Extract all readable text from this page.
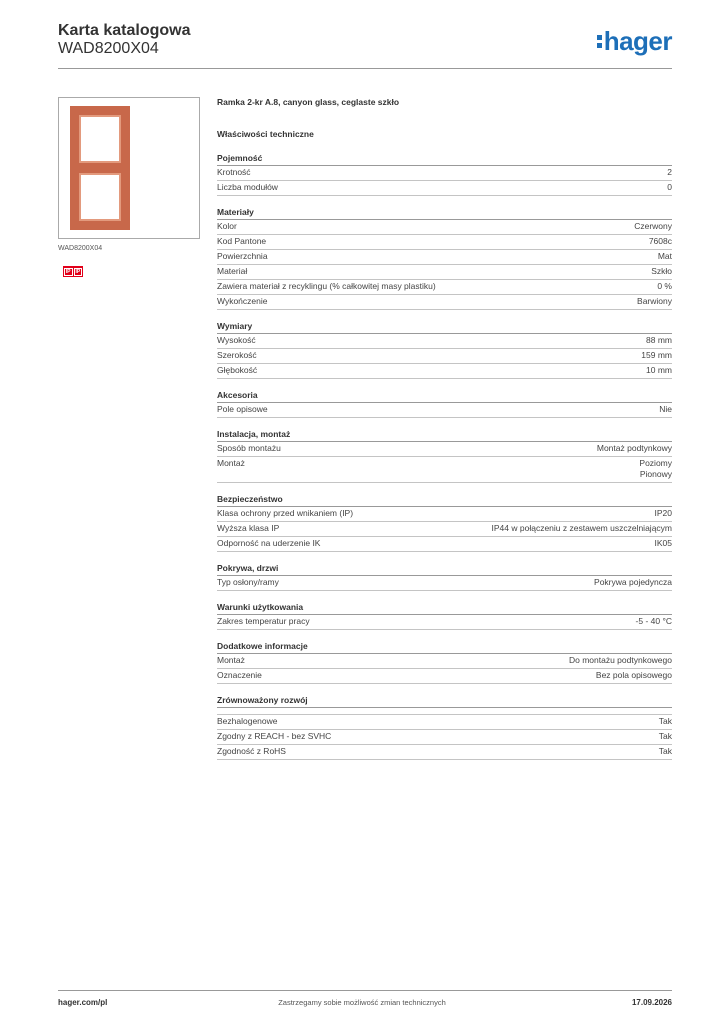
Karta katalogowa
WAD8200X04	hager
WAD8200X04
IP	IP
Ramka 2-kr A.8, canyon glass, ceglaste szkło
Właściwości techniczne
Pojemność
Krotność	2
Liczba modułów	0
Materiały
Kolor	Czerwony
Kod Pantone	7608c
Powierzchnia	Mat
Materiał	Szkło
Zawiera materiał z recyklingu (% całkowitej masy plastiku)	0 %
Wykończenie	Barwiony
Wymiary
Wysokość	88 mm
Szerokość	159 mm
Głębokość	10 mm
Akcesoria
Pole opisowe	Nie
Instalacja, montaż
Sposób montażu	Montaż podtynkowy
Montaż	Poziomy
Pionowy
Bezpieczeństwo
Klasa ochrony przed wnikaniem (IP)	IP20
Wyższa klasa IP	IP44 w połączeniu z zestawem uszczelniającym
Odporność na uderzenie IK	IK05
Pokrywa, drzwi
Typ osłony/ramy	Pokrywa pojedyncza
Warunki użytkowania
Zakres temperatur pracy	-5 - 40 °C
Dodatkowe informacje
Montaż	Do montażu podtynkowego
Oznaczenie	Bez pola opisowego
Zrównoważony rozwój
Bezhalogenowe	Tak
Zgodny z REACH - bez SVHC	Tak
Zgodność z RoHS	Tak
hager.com/pl	Zastrzegamy sobie możliwość zmian technicznych	17.09.2026
